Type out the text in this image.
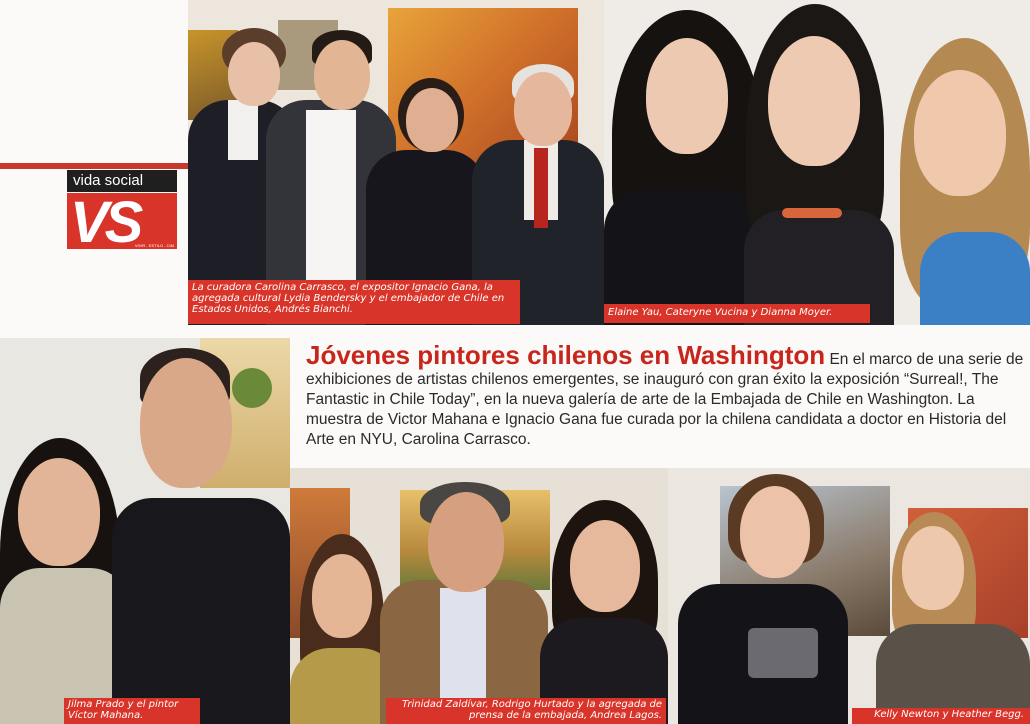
vida social
VS
VIVIR - ESTILO - CIM
La curadora Carolina Carrasco, el expositor Ignacio Gana, la agregada cultural Lydia Bendersky y el embajador de Chile en Estados Unidos, Andrés Bianchi.	Elaine Yau, Cateryne Vucina y Dianna Moyer.
Jilma Prado y el pintor Víctor Mahana.

Jóvenes pintores chilenos en Washington En el marco de una serie de exhibiciones de artistas chilenos emergentes, se inauguró con gran éxito la exposición “Surreal!, The Fantastic in Chile Today”, en la nueva galería de arte de la Embajada de Chile en Washington. La muestra de Victor Mahana e Ignacio Gana fue curada por la chilena candidata a doctor en Historia del Arte en NYU, Carolina Carrasco.

Trinidad Zaldívar, Rodrigo Hurtado y la agregada de prensa de la embajada, Andrea Lagos.	Kelly Newton y Heather Begg.
